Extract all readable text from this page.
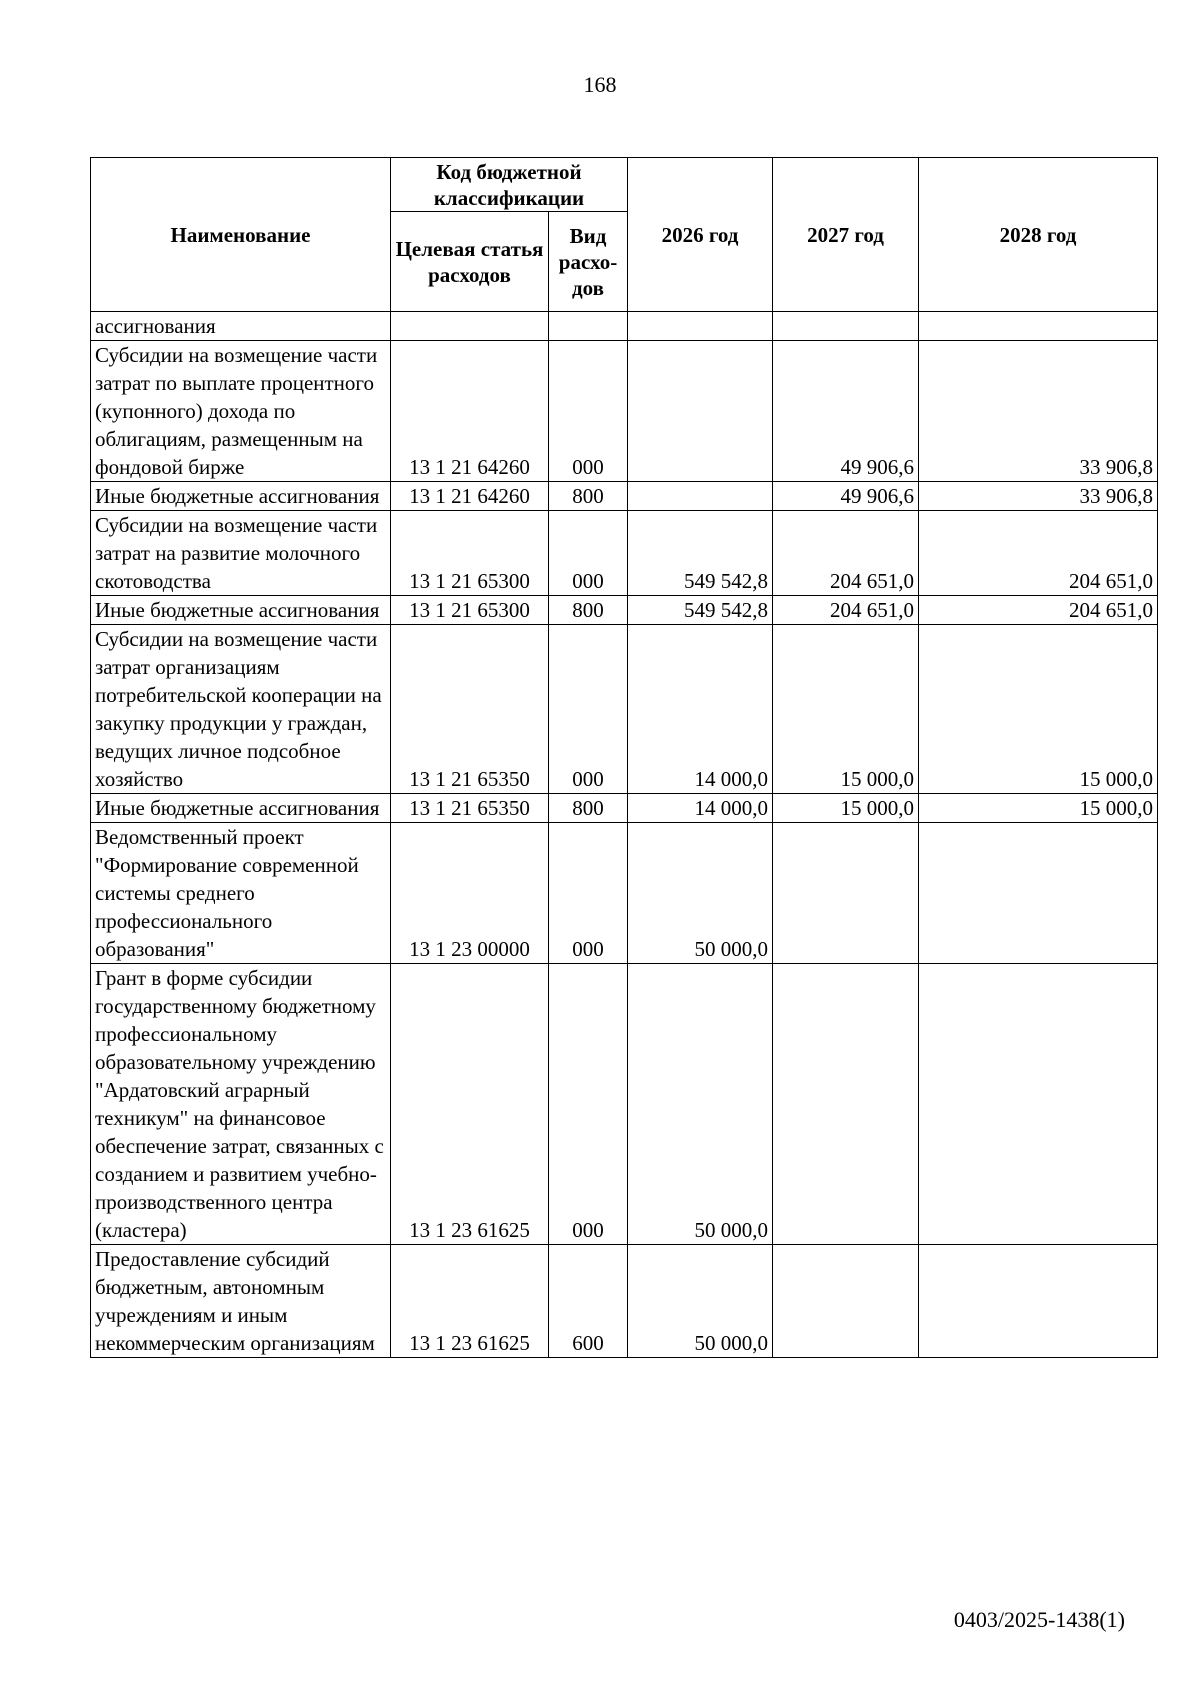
168
Наименование	Код бюджетной классификации		2026 год	2027 год	2028 год
	Целевая статья расходов	Вид расхо-дов			
ассигнования					
Субсидии на возмещение части затрат по выплате процентного (купонного) дохода по облигациям, размещенным на фондовой бирже	13 1 21 64260	000		49 906,6	33 906,8
Иные бюджетные ассигнования	13 1 21 64260	800		49 906,6	33 906,8
Субсидии на возмещение части затрат на развитие молочного скотоводства	13 1 21 65300	000	549 542,8	204 651,0	204 651,0
Иные бюджетные ассигнования	13 1 21 65300	800	549 542,8	204 651,0	204 651,0
Субсидии на возмещение части затрат организациям потребительской кооперации на закупку продукции у граждан, ведущих личное подсобное хозяйство	13 1 21 65350	000	14 000,0	15 000,0	15 000,0
Иные бюджетные ассигнования	13 1 21 65350	800	14 000,0	15 000,0	15 000,0
Ведомственный проект "Формирование современной системы среднего профессионального образования"	13 1 23 00000	000	50 000,0		
Грант в форме субсидии государственному бюджетному профессиональному образовательному учреждению "Ардатовский аграрный техникум" на финансовое обеспечение затрат, связанных с созданием и развитием учебно-производственного центра (кластера)	13 1 23 61625	000	50 000,0		
Предоставление субсидий бюджетным, автономным учреждениям и иным некоммерческим организациям	13 1 23 61625	600	50 000,0		
0403/2025-1438(1)
